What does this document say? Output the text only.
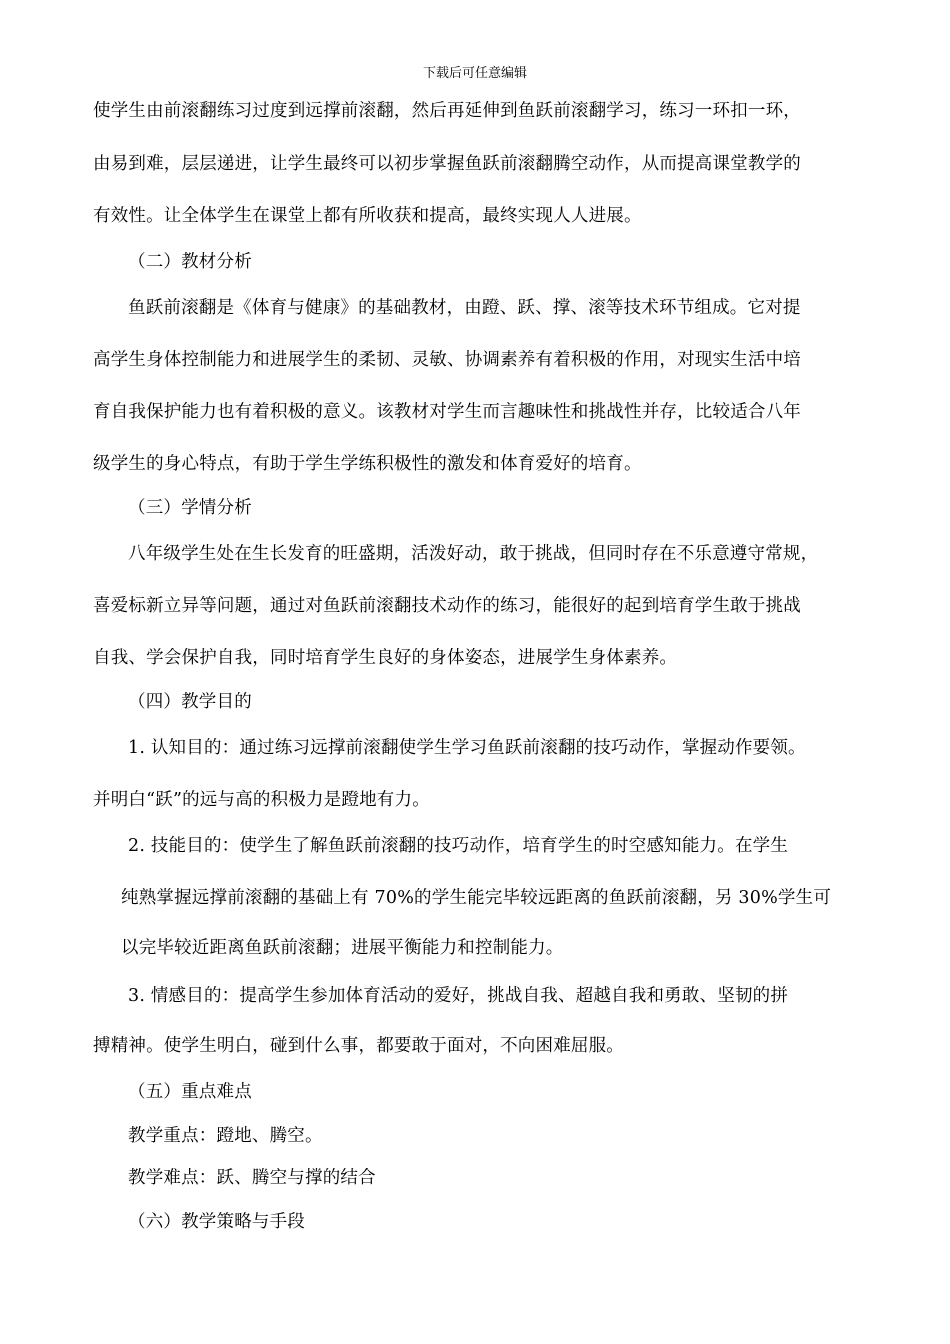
下载后可任意编辑
使学生由前滚翻练习过度到远撑前滚翻，然后再延伸到鱼跃前滚翻学习，练习一环扣一环，
由易到难，层层递进，让学生最终可以初步掌握鱼跃前滚翻腾空动作，从而提高课堂教学的
有效性。让全体学生在课堂上都有所收获和提高，最终实现人人进展。
（二）教材分析
鱼跃前滚翻是《体育与健康》的基础教材，由蹬、跃、撑、滚等技术环节组成。它对提
高学生身体控制能力和进展学生的柔韧、灵敏、协调素养有着积极的作用，对现实生活中培
育自我保护能力也有着积极的意义。该教材对学生而言趣味性和挑战性并存，比较适合八年
级学生的身心特点，有助于学生学练积极性的激发和体育爱好的培育。
（三）学情分析
八年级学生处在生长发育的旺盛期，活泼好动，敢于挑战，但同时存在不乐意遵守常规，
喜爱标新立异等问题，通过对鱼跃前滚翻技术动作的练习，能很好的起到培育学生敢于挑战
自我、学会保护自我，同时培育学生良好的身体姿态，进展学生身体素养。
（四）教学目的
1. 认知目的：通过练习远撑前滚翻使学生学习鱼跃前滚翻的技巧动作，掌握动作要领。
并明白“跃”的远与高的积极力是蹬地有力。
2. 技能目的：使学生了解鱼跃前滚翻的技巧动作，培育学生的时空感知能力。在学生
纯熟掌握远撑前滚翻的基础上有 70%的学生能完毕较远距离的鱼跃前滚翻，另 30%学生可
以完毕较近距离鱼跃前滚翻；进展平衡能力和控制能力。
3. 情感目的：提高学生参加体育活动的爱好，挑战自我、超越自我和勇敢、坚韧的拼
搏精神。使学生明白，碰到什么事，都要敢于面对，不向困难屈服。
（五）重点难点
教学重点：蹬地、腾空。
教学难点：跃、腾空与撑的结合
（六）教学策略与手段
